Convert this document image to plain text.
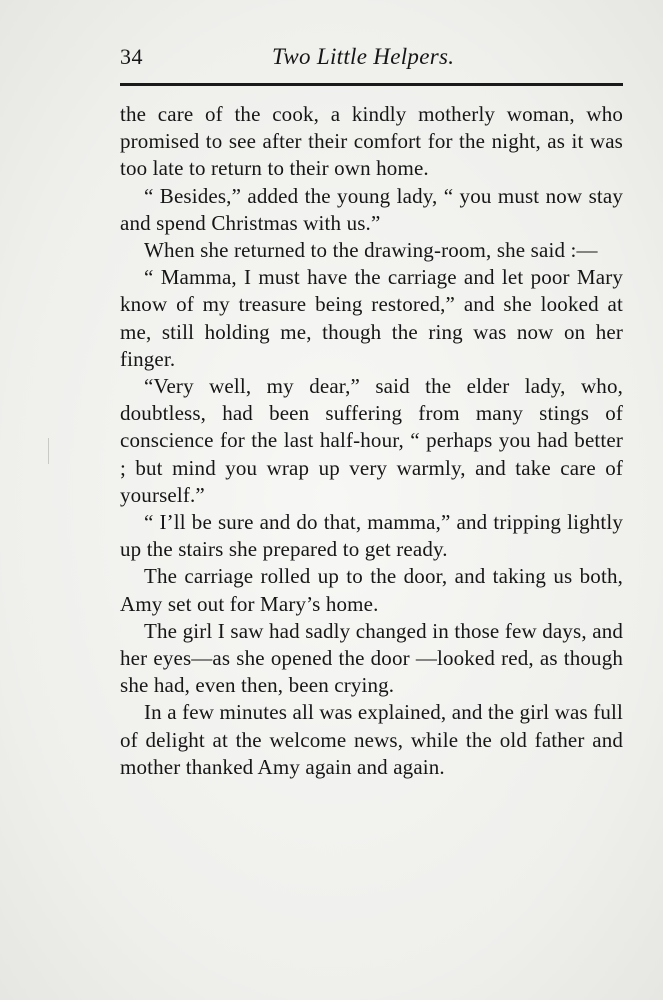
34	Two Little Helpers.

the care of the cook, a kindly motherly woman, who promised to see after their comfort for the night, as it was too late to return to their own home.

“ Besides,” added the young lady, “ you must now stay and spend Christmas with us.”

When she returned to the drawing-room, she said :—

“ Mamma, I must have the carriage and let poor Mary know of my treasure being restored,” and she looked at me, still holding me, though the ring was now on her finger.

“Very well, my dear,” said the elder lady, who, doubtless, had been suffering from many stings of conscience for the last half-hour, “ perhaps you had better ; but mind you wrap up very warmly, and take care of yourself.”

“ I’ll be sure and do that, mamma,” and tripping lightly up the stairs she prepared to get ready.

The carriage rolled up to the door, and taking us both, Amy set out for Mary’s home.

The girl I saw had sadly changed in those few days, and her eyes—as she opened the door —looked red, as though she had, even then, been crying.

In a few minutes all was explained, and the girl was full of delight at the welcome news, while the old father and mother thanked Amy again and again.
